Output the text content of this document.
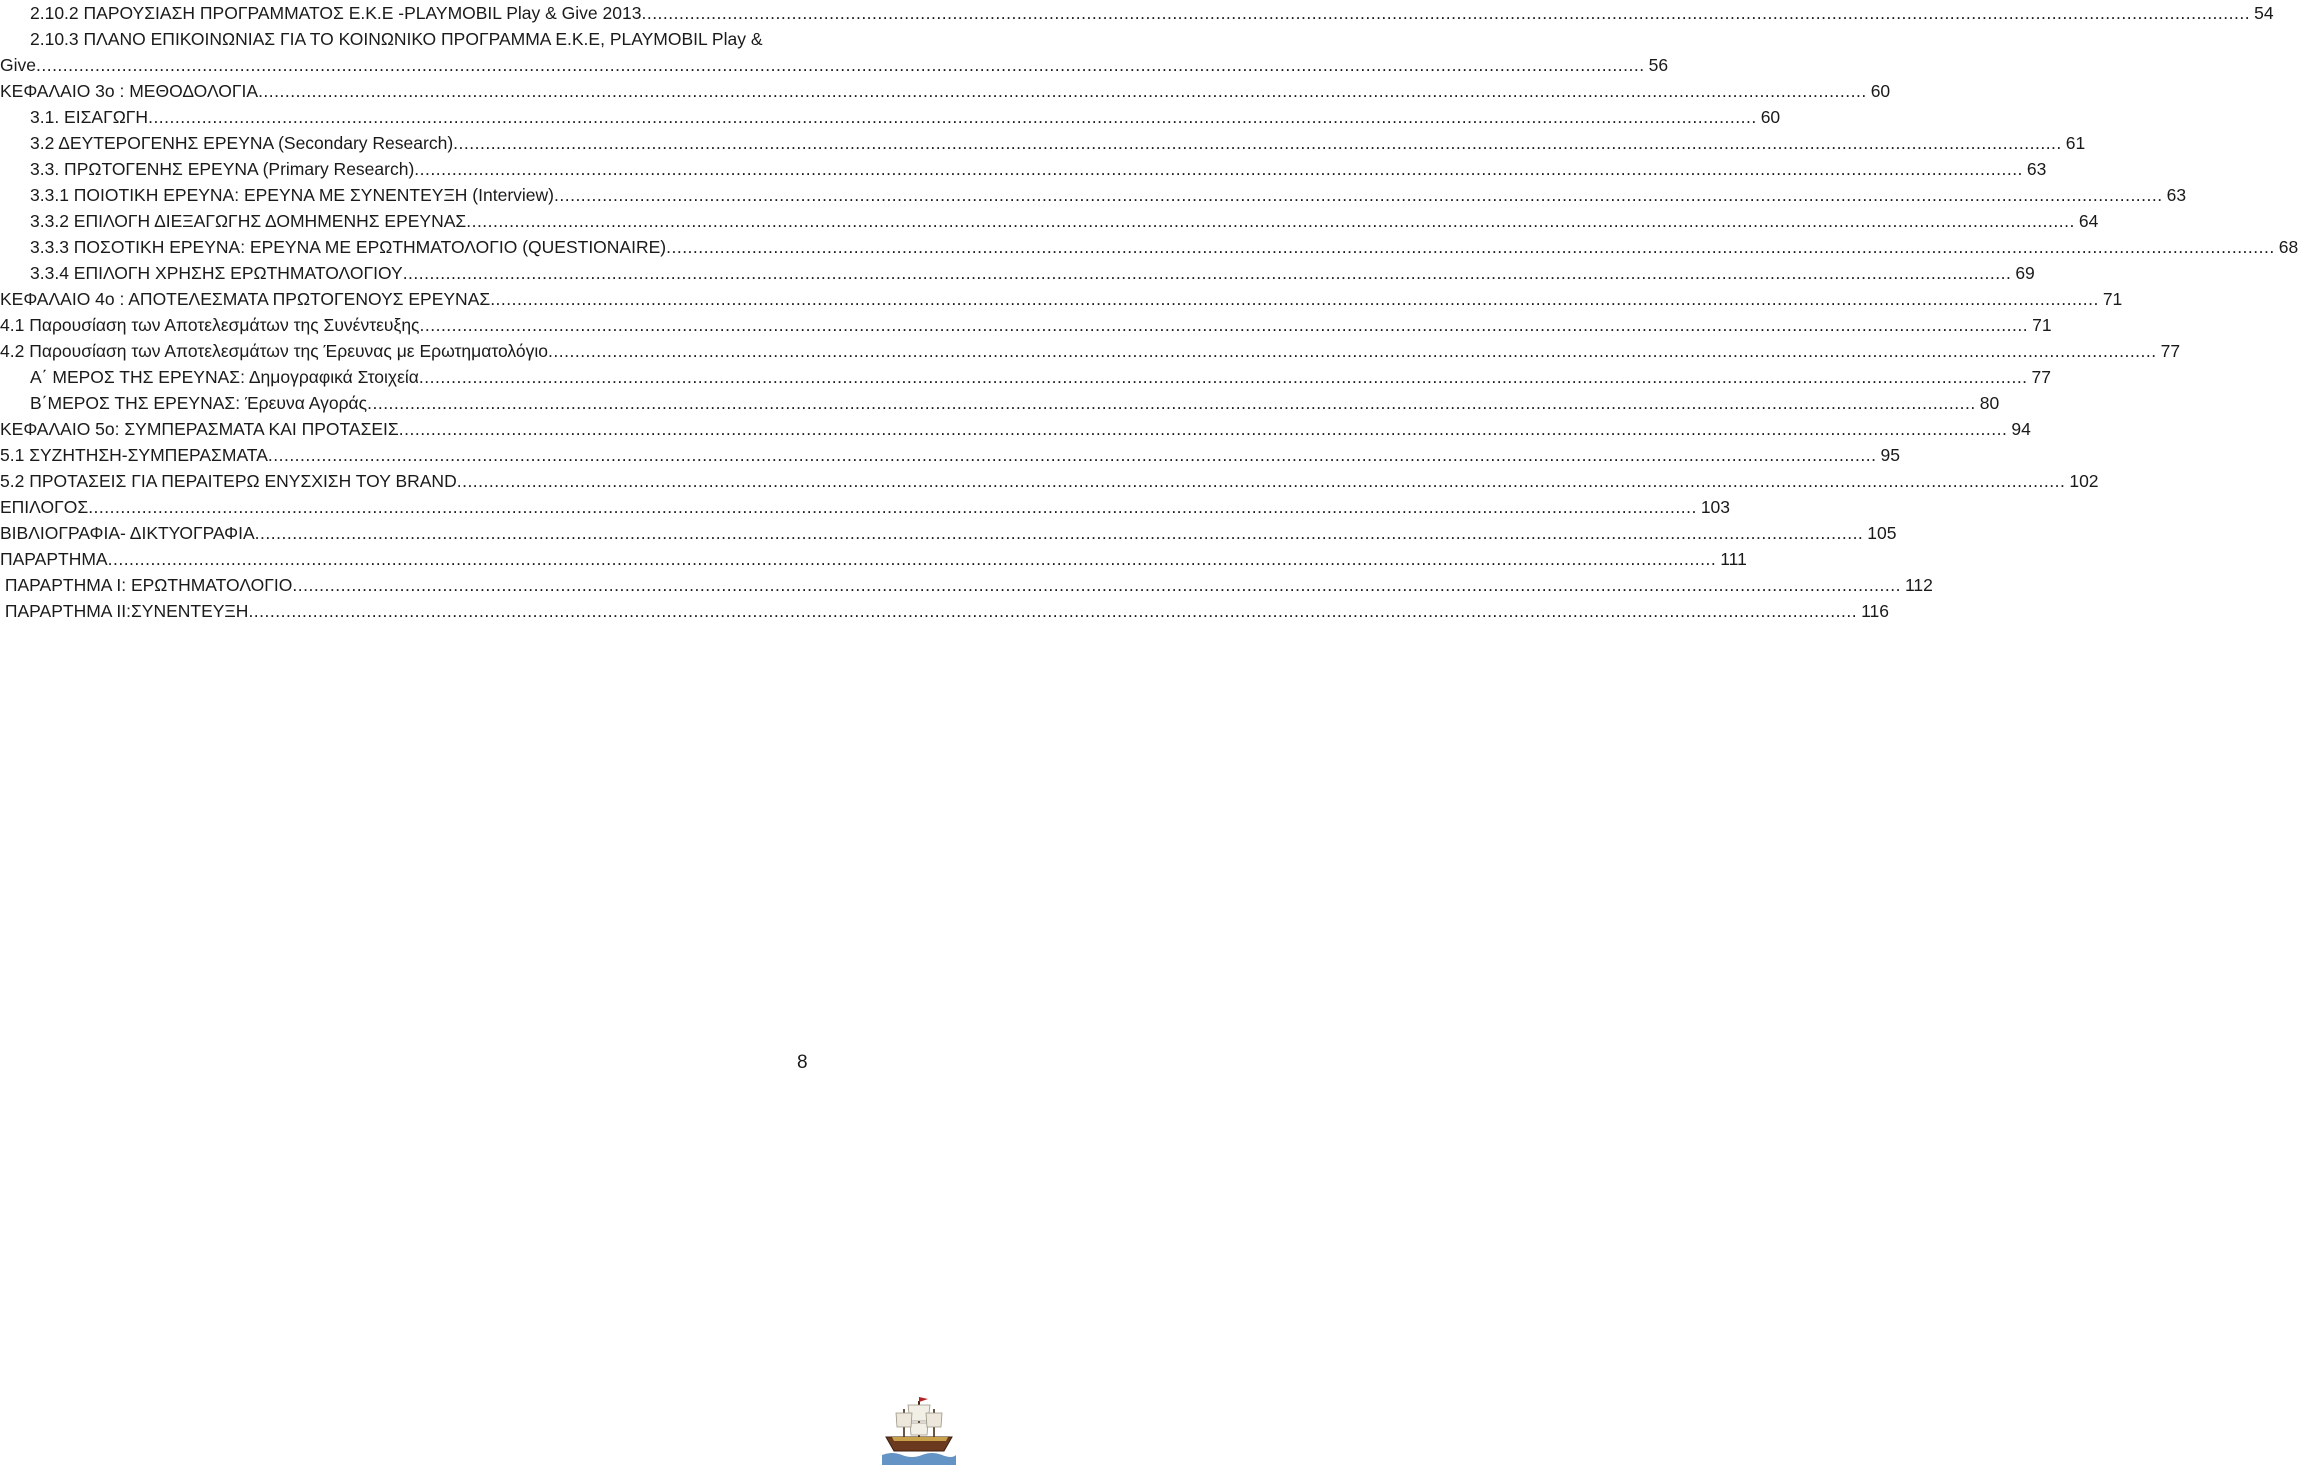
2.10.2 ΠΑΡΟΥΣΙΑΣΗ ΠΡΟΓΡΑΜΜΑΤΟΣ Ε.Κ.Ε -PLAYMOBIL Play & Give 2013 ............................................................................................................................................................................................................................................................................................................ 54
2.10.3 ΠΛΑΝΟ ΕΠΙΚΟΙΝΩΝΙΑΣ ΓΙΑ ΤΟ ΚΟΙΝΩΝΙΚΟ ΠΡΟΓΡΑΜΜΑ Ε.Κ.Ε, PLAYMOBIL Play &
Give ............................................................................................................................................................................................................................................................................................................ 56
ΚΕΦΑΛΑΙΟ 3ο : ΜΕΘΟΔΟΛΟΓΙΑ ............................................................................................................................................................................................................................................................................................................ 60
3.1. ΕΙΣΑΓΩΓΗ ............................................................................................................................................................................................................................................................................................................ 60
3.2 ΔΕΥΤΕΡΟΓΕΝΗΣ ΕΡΕΥΝΑ (Secondary Research) ............................................................................................................................................................................................................................................................................................................ 61
3.3. ΠΡΩΤΟΓΕΝΗΣ ΕΡΕΥΝΑ (Primary Research) ............................................................................................................................................................................................................................................................................................................ 63
3.3.1 ΠΟΙΟΤΙΚΗ ΕΡΕΥΝΑ: ΕΡΕΥΝΑ ΜΕ ΣΥΝΕΝΤΕΥΞΗ (Interview) ............................................................................................................................................................................................................................................................................................................ 63
3.3.2 ΕΠΙΛΟΓΗ ΔΙΕΞΑΓΩΓΗΣ ΔΟΜΗΜΕΝΗΣ ΕΡΕΥΝΑΣ ............................................................................................................................................................................................................................................................................................................ 64
3.3.3 ΠΟΣΟΤΙΚΗ ΕΡΕΥΝΑ: ΕΡΕΥΝΑ ΜΕ ΕΡΩΤΗΜΑΤΟΛΟΓΙΟ (QUESTIONAIRE) ............................................................................................................................................................................................................................................................................................................ 68
3.3.4 ΕΠΙΛΟΓΗ ΧΡΗΣΗΣ ΕΡΩΤΗΜΑΤΟΛΟΓΙΟΥ ............................................................................................................................................................................................................................................................................................................ 69
ΚΕΦΑΛΑΙΟ 4ο : ΑΠΟΤΕΛΕΣΜΑΤΑ ΠΡΩΤΟΓΕΝΟΥΣ ΕΡΕΥΝΑΣ ............................................................................................................................................................................................................................................................................................................ 71
4.1 Παρουσίαση των Αποτελεσμάτων της Συνέντευξης ............................................................................................................................................................................................................................................................................................................ 71
4.2 Παρουσίαση των Αποτελεσμάτων της Έρευνας με Ερωτηματολόγιο ............................................................................................................................................................................................................................................................................................................ 77
Α΄ ΜΕΡΟΣ ΤΗΣ ΕΡΕΥΝΑΣ: Δημογραφικά Στοιχεία ............................................................................................................................................................................................................................................................................................................ 77
Β΄ΜΕΡΟΣ ΤΗΣ ΕΡΕΥΝΑΣ: Έρευνα Αγοράς ............................................................................................................................................................................................................................................................................................................ 80
ΚΕΦΑΛΑΙΟ 5ο: ΣΥΜΠΕΡΑΣΜΑΤΑ ΚΑΙ ΠΡΟΤΑΣΕΙΣ ............................................................................................................................................................................................................................................................................................................ 94
5.1 ΣΥΖΗΤΗΣΗ-ΣΥΜΠΕΡΑΣΜΑΤΑ ............................................................................................................................................................................................................................................................................................................ 95
5.2 ΠΡΟΤΑΣΕΙΣ ΓΙΑ ΠΕΡΑΙΤΕΡΩ ΕΝΥΣΧΙΣΗ ΤΟΥ BRAND ............................................................................................................................................................................................................................................................................................................ 102
ΕΠΙΛΟΓΟΣ ............................................................................................................................................................................................................................................................................................................ 103
ΒΙΒΛΙΟΓΡΑΦΙΑ- ΔΙΚΤΥΟΓΡΑΦΙΑ ............................................................................................................................................................................................................................................................................................................ 105
ΠΑΡΑΡΤΗΜΑ ............................................................................................................................................................................................................................................................................................................ 111
ΠΑΡΑΡΤΗΜΑ Ι: ΕΡΩΤΗΜΑΤΟΛΟΓΙΟ ............................................................................................................................................................................................................................................................................................................ 112
ΠΑΡΑΡΤΗΜΑ ΙΙ:ΣΥΝΕΝΤΕΥΞΗ ............................................................................................................................................................................................................................................................................................................ 116
8
